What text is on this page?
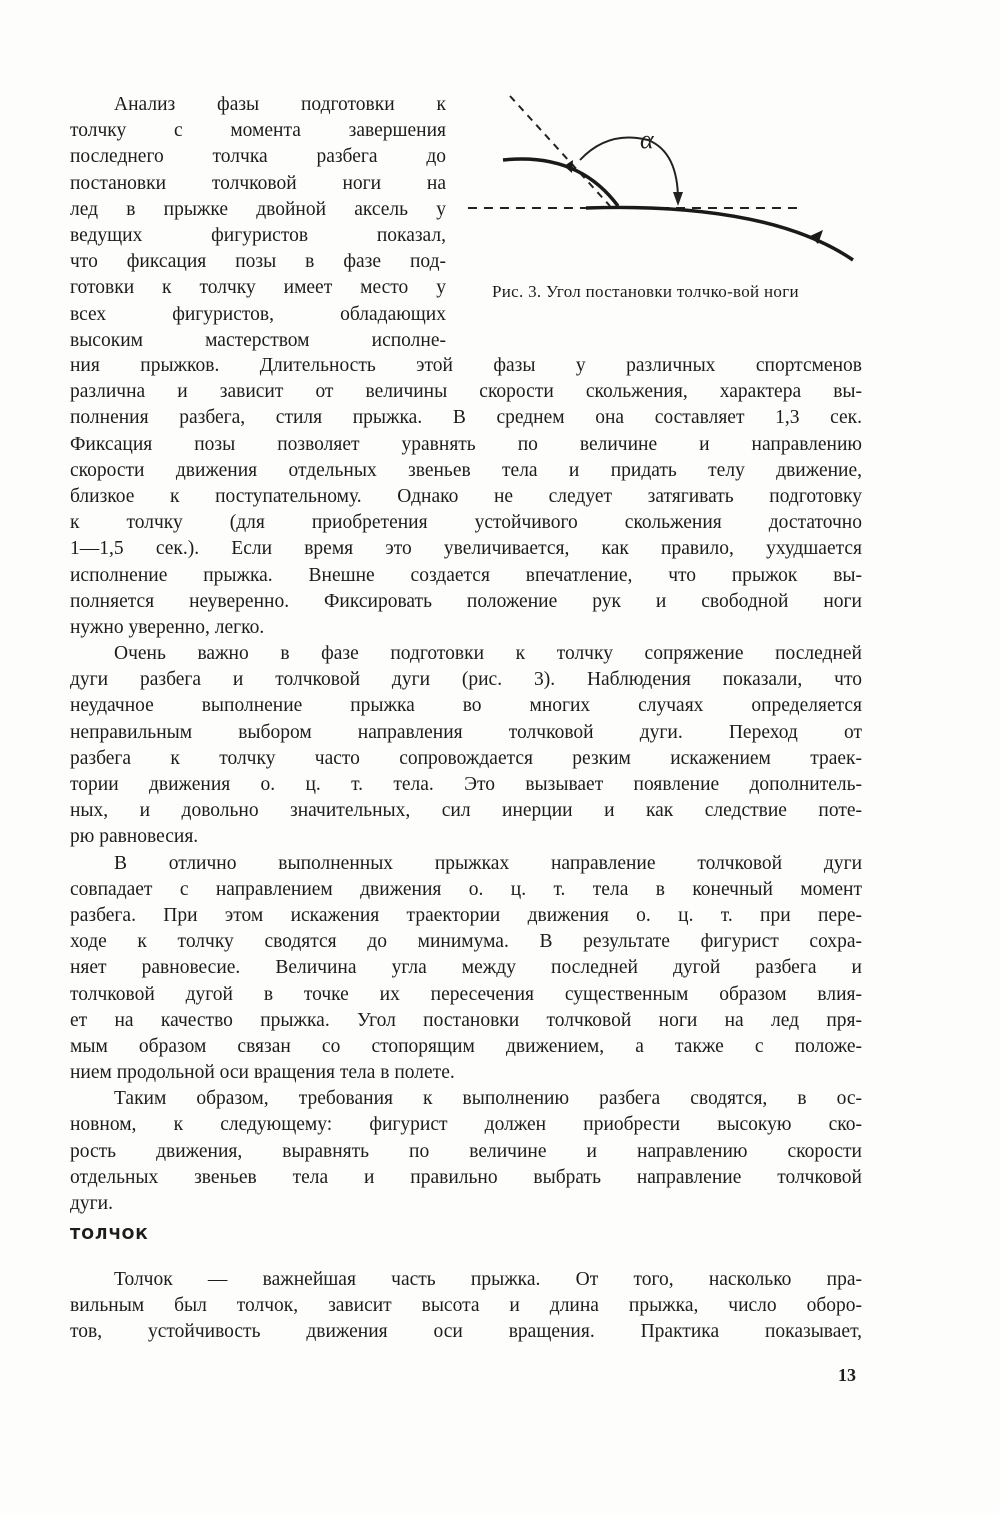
Анализ фазы подготовки к
толчку с момента завершения
последнего толчка разбега до
постановки толчковой ноги на
лед в прыжке двойной аксель у
ведущих фигуристов показал,
что фиксация позы в фазе под-
готовки к толчку имеет место у
всех фигуристов, обладающих
высоким мастерством исполне-
α
Рис. 3. Угол постановки толчко-вой ноги
ния прыжков. Длительность этой фазы у различных спортсменов
различна и зависит от величины скорости скольжения, характера вы-
полнения разбега, стиля прыжка. В среднем она составляет 1,3 сек.
Фиксация позы позволяет уравнять по величине и направлению
скорости движения отдельных звеньев тела и придать телу движение,
близкое к поступательному. Однако не следует затягивать подготовку
к толчку (для приобретения устойчивого скольжения достаточно
1—1,5 сек.). Если время это увеличивается, как правило, ухудшается
исполнение прыжка. Внешне создается впечатление, что прыжок вы-
полняется неуверенно. Фиксировать положение рук и свободной ноги
нужно уверенно, легко.
Очень важно в фазе подготовки к толчку сопряжение последней
дуги разбега и толчковой дуги (рис. 3). Наблюдения показали, что
неудачное выполнение прыжка во многих случаях определяется
неправильным выбором направления толчковой дуги. Переход от
разбега к толчку часто сопровождается резким искажением траек-
тории движения о. ц. т. тела. Это вызывает появление дополнитель-
ных, и довольно значительных, сил инерции и как следствие поте-
рю равновесия.
В отлично выполненных прыжках направление толчковой дуги
совпадает с направлением движения о. ц. т. тела в конечный момент
разбега. При этом искажения траектории движения о. ц. т. при пере-
ходе к толчку сводятся до минимума. В результате фигурист сохра-
няет равновесие. Величина угла между последней дугой разбега и
толчковой дугой в точке их пересечения существенным образом влия-
ет на качество прыжка. Угол постановки толчковой ноги на лед пря-
мым образом связан со стопорящим движением, а также с положе-
нием продольной оси вращения тела в полете.
Таким образом, требования к выполнению разбега сводятся, в ос-
новном, к следующему: фигурист должен приобрести высокую ско-
рость движения, выравнять по величине и направлению скорости
отдельных звеньев тела и правильно выбрать направление толчковой
дуги.
ТОЛЧОК
Толчок — важнейшая часть прыжка. От того, насколько пра-
вильным был толчок, зависит высота и длина прыжка, число оборо-
тов, устойчивость движения оси вращения. Практика показывает,
13
